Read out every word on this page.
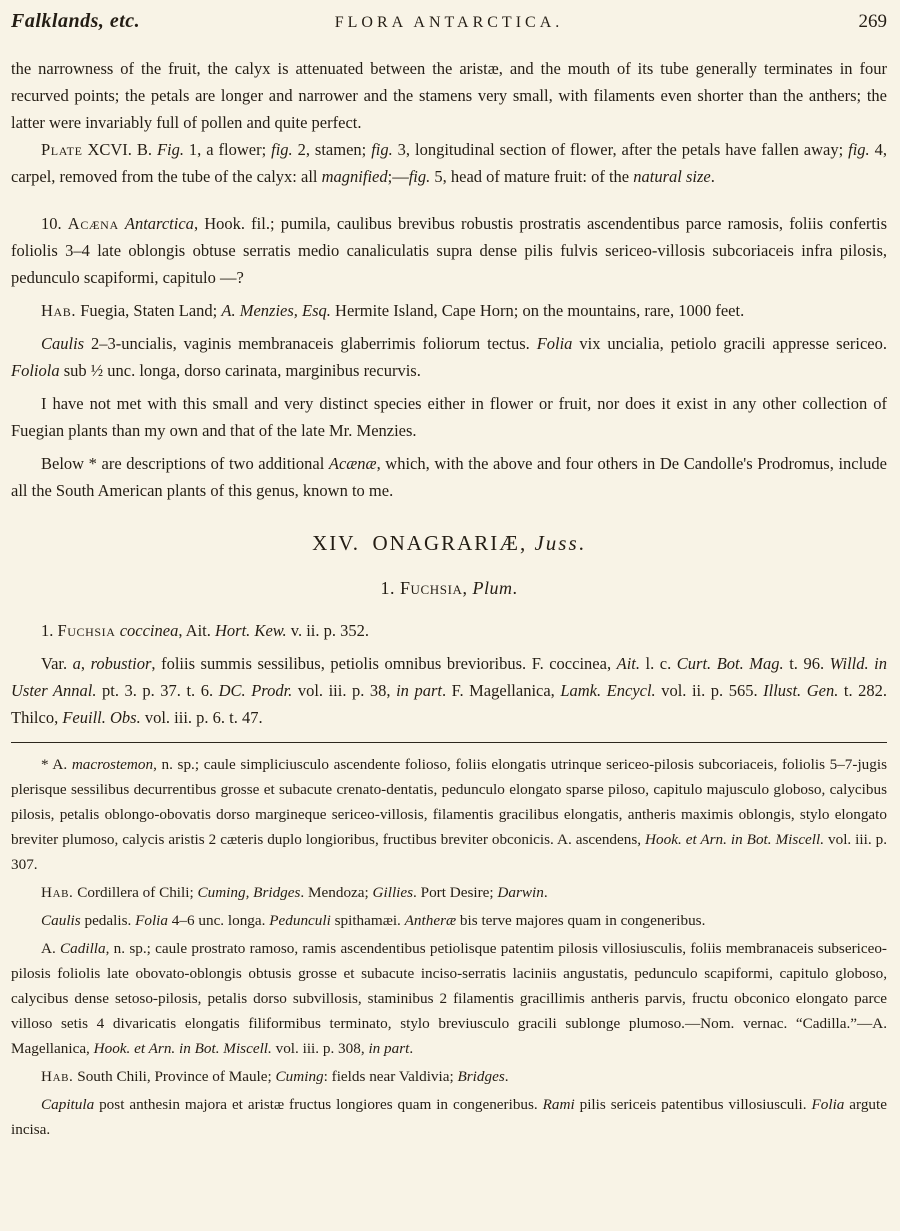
Falklands, etc.	FLORA ANTARCTICA.	269
the narrowness of the fruit, the calyx is attenuated between the aristæ, and the mouth of its tube generally terminates in four recurved points; the petals are longer and narrower and the stamens very small, with filaments even shorter than the anthers; the latter were invariably full of pollen and quite perfect.
Plate XCVI. B. Fig. 1, a flower; fig. 2, stamen; fig. 3, longitudinal section of flower, after the petals have fallen away; fig. 4, carpel, removed from the tube of the calyx: all magnified;—fig. 5, head of mature fruit: of the natural size.
10. Acæna Antarctica, Hook. fil.; pumila, caulibus brevibus robustis prostratis ascendentibus parce ramosis, foliis confertis foliolis 3–4 late oblongis obtuse serratis medio canaliculatis supra dense pilis fulvis sericeo-villosis subcoriaceis infra pilosis, pedunculo scapiformi, capitulo —?
Hab. Fuegia, Staten Land; A. Menzies, Esq. Hermite Island, Cape Horn; on the mountains, rare, 1000 feet.
Caulis 2–3-uncialis, vaginis membranaceis glaberrimis foliorum tectus. Folia vix uncialia, petiolo gracili appresse sericeo. Foliola sub ½ unc. longa, dorso carinata, marginibus recurvis.
I have not met with this small and very distinct species either in flower or fruit, nor does it exist in any other collection of Fuegian plants than my own and that of the late Mr. Menzies.
Below * are descriptions of two additional Acænæ, which, with the above and four others in De Candolle's Prodromus, include all the South American plants of this genus, known to me.
XIV. ONAGRARIÆ, Juss.
1. Fuchsia, Plum.
1. Fuchsia coccinea, Ait. Hort. Kew. v. ii. p. 352.
Var. a, robustior, foliis summis sessilibus, petiolis omnibus brevioribus. F. coccinea, Ait. l. c. Curt. Bot. Mag. t. 96. Willd. in Uster Annal. pt. 3. p. 37. t. 6. DC. Prodr. vol. iii. p. 38, in part. F. Magellanica, Lamk. Encycl. vol. ii. p. 565. Illust. Gen. t. 282. Thilco, Feuill. Obs. vol. iii. p. 6. t. 47.
* A. macrostemon, n. sp.; caule simpliciusculo ascendente folioso, foliis elongatis utrinque sericeo-pilosis subcoriaceis, foliolis 5–7-jugis plerisque sessilibus decurrentibus grosse et subacute crenato-dentatis, pedunculo elongato sparse piloso, capitulo majusculo globoso, calycibus pilosis, petalis oblongo-obovatis dorso margineque sericeo-villosis, filamentis gracilibus elongatis, antheris maximis oblongis, stylo elongato breviter plumoso, calycis aristis 2 cæteris duplo longioribus, fructibus breviter obconicis. A. ascendens, Hook. et Arn. in Bot. Miscell. vol. iii. p. 307.
Hab. Cordillera of Chili; Cuming, Bridges. Mendoza; Gillies. Port Desire; Darwin.
Caulis pedalis. Folia 4–6 unc. longa. Pedunculi spithamæi. Antheræ bis terve majores quam in congeneribus.
A. Cadilla, n. sp.; caule prostrato ramoso, ramis ascendentibus petiolisque patentim pilosis villosiusculis, foliis membranaceis subsericeo-pilosis foliolis late obovato-oblongis obtusis grosse et subacute inciso-serratis laciniis angustatis, pedunculo scapiformi, capitulo globoso, calycibus dense setoso-pilosis, petalis dorso subvillosis, staminibus 2 filamentis gracillimis antheris parvis, fructu obconico elongato parce villoso setis 4 divaricatis elongatis filiformibus terminato, stylo breviusculo gracili sublonge plumoso.—Nom. vernac. “Cadilla.”—A. Magellanica, Hook. et Arn. in Bot. Miscell. vol. iii. p. 308, in part.
Hab. South Chili, Province of Maule; Cuming: fields near Valdivia; Bridges.
Capitula post anthesin majora et aristæ fructus longiores quam in congeneribus. Rami pilis sericeis patentibus villosiusculi. Folia argute incisa.
